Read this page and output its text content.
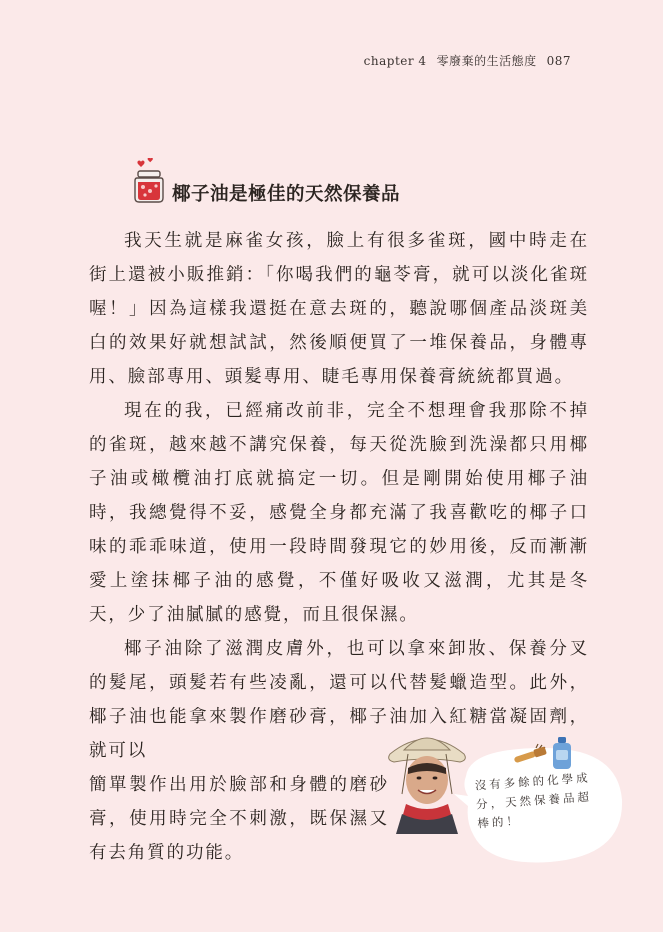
chapter 4 零廢棄的生活態度 087
椰子油是極佳的天然保養品

我天生就是麻雀女孩，臉上有很多雀斑，國中時走在街上還被小販推銷：「你喝我們的龜苓膏，就可以淡化雀斑喔！」因為這樣我還挺在意去斑的，聽說哪個產品淡斑美白的效果好就想試試，然後順便買了一堆保養品，身體專用、臉部專用、頭髮專用、睫毛專用保養膏統統都買過。

現在的我，已經痛改前非，完全不想理會我那除不掉的雀斑，越來越不講究保養，每天從洗臉到洗澡都只用椰子油或橄欖油打底就搞定一切。但是剛開始使用椰子油時，我總覺得不妥，感覺全身都充滿了我喜歡吃的椰子口味的乖乖味道，使用一段時間發現它的妙用後，反而漸漸愛上塗抹椰子油的感覺，不僅好吸收又滋潤，尤其是冬天，少了油膩膩的感覺，而且很保濕。

椰子油除了滋潤皮膚外，也可以拿來卸妝、保養分叉的髮尾，頭髮若有些凌亂，還可以代替髮蠟造型。此外，椰子油也能拿來製作磨砂膏，椰子油加入紅糖當凝固劑，就可以

簡單製作出用於臉部和身體的磨砂膏，使用時完全不刺激，既保濕又有去角質的功能。

沒有多餘的化學成分，天然保養品超棒的！
